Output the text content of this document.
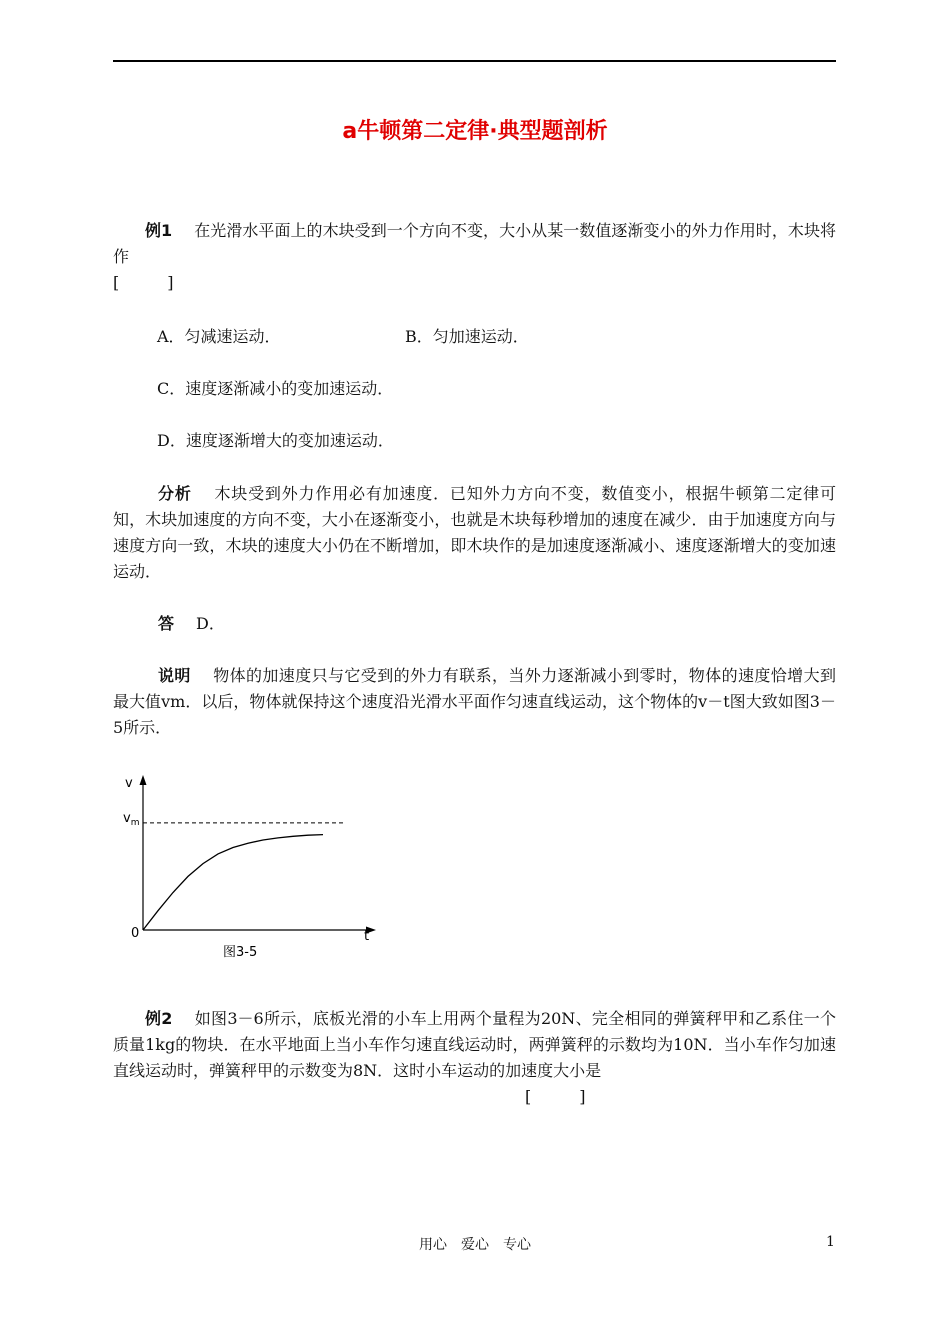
a牛顿第二定律·典型题剖析
例1 在光滑水平面上的木块受到一个方向不变，大小从某一数值逐渐变小的外力作用时，木块将作
[　　　]
A．匀减速运动．	B．匀加速运动．
C．速度逐渐减小的变加速运动．
D．速度逐渐增大的变加速运动．
分析 木块受到外力作用必有加速度．已知外力方向不变，数值变小，根据牛顿第二定律可知，木块加速度的方向不变，大小在逐渐变小，也就是木块每秒增加的速度在减少．由于加速度方向与速度方向一致，木块的速度大小仍在不断增加，即木块作的是加速度逐渐减小、速度逐渐增大的变加速运动．
答 D．
说明 物体的加速度只与它受到的外力有联系，当外力逐渐减小到零时，物体的速度恰增大到最大值vm．以后，物体就保持这个速度沿光滑水平面作匀速直线运动，这个物体的v－t图大致如图3－5所示．
v
$v_m$
0	t
图3-5
例2 如图3－6所示，底板光滑的小车上用两个量程为20N、完全相同的弹簧秤甲和乙系住一个质量1kg的物块．在水平地面上当小车作匀速直线运动时，两弹簧秤的示数均为10N．当小车作匀加速直线运动时，弹簧秤甲的示数变为8N．这时小车运动的加速度大小是
[　　　]
用心　爱心　专心	1
